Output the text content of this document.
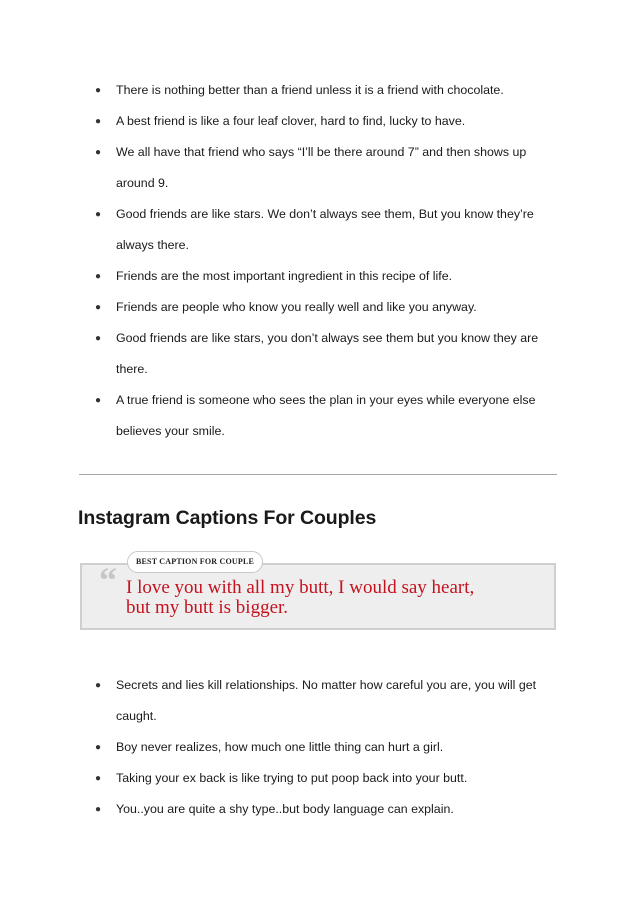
● There is nothing better than a friend unless it is a friend with chocolate.
● A best friend is like a four leaf clover, hard to find, lucky to have.
● We all have that friend who says “I’ll be there around 7” and then shows up around 9.
● Good friends are like stars. We don’t always see them, But you know they’re always there.
● Friends are the most important ingredient in this recipe of life.
● Friends are people who know you really well and like you anyway.
● Good friends are like stars, you don’t always see them but you know they are there.
● A true friend is someone who sees the plan in your eyes while everyone else believes your smile.
Instagram Captions For Couples
BEST CAPTION FOR COUPLE
“ I love you with all my butt, I would say heart,
but my butt is bigger.
● Secrets and lies kill relationships. No matter how careful you are, you will get caught.
● Boy never realizes, how much one little thing can hurt a girl.
● Taking your ex back is like trying to put poop back into your butt.
● You..you are quite a shy type..but body language can explain.
